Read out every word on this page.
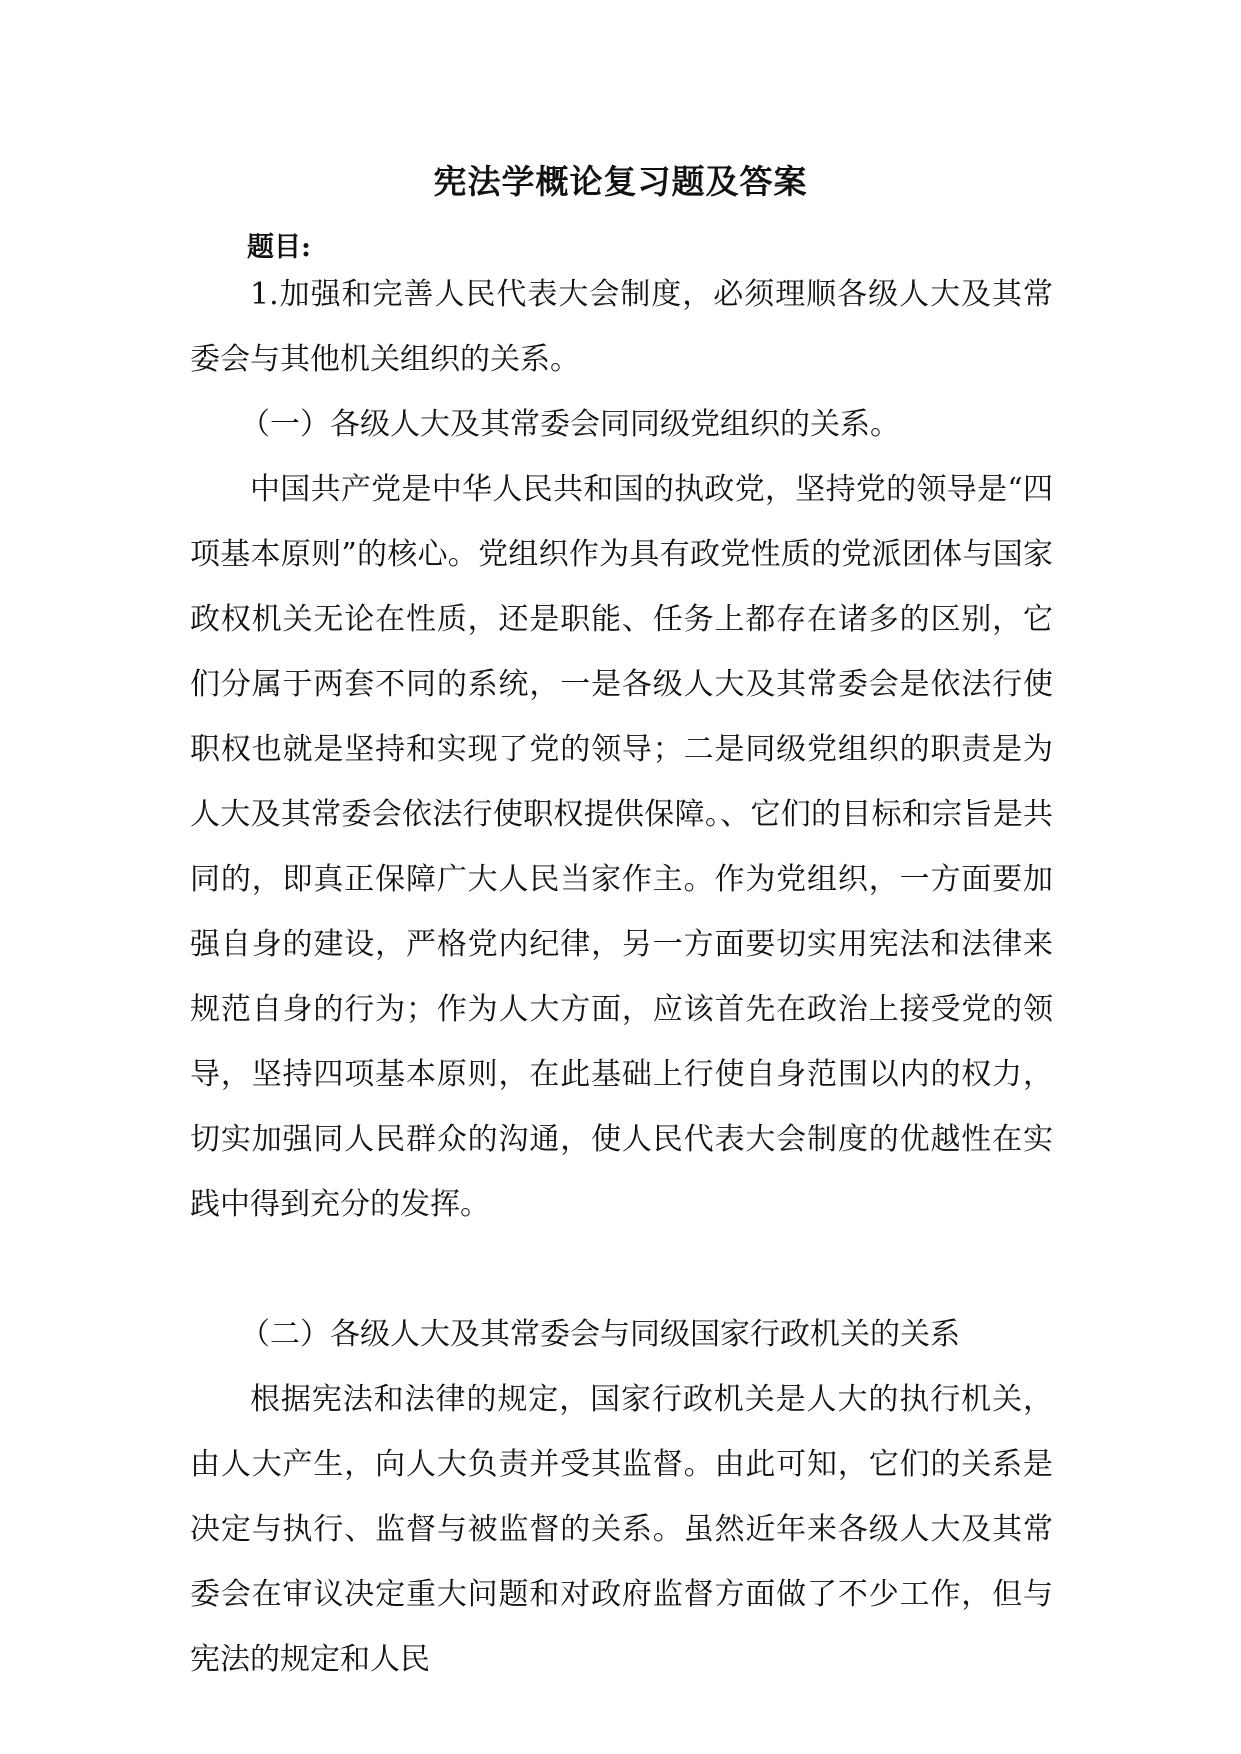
宪法学概论复习题及答案
题目:

1.加强和完善人民代表大会制度，必须理顺各级人大及其常委会与其他机关组织的关系。

（一）各级人大及其常委会同同级党组织的关系。

中国共产党是中华人民共和国的执政党，坚持党的领导是“四项基本原则”的核心。党组织作为具有政党性质的党派团体与国家政权机关无论在性质，还是职能、任务上都存在诸多的区别，它们分属于两套不同的系统，一是各级人大及其常委会是依法行使职权也就是坚持和实现了党的领导；二是同级党组织的职责是为人大及其常委会依法行使职权提供保障。、它们的目标和宗旨是共同的，即真正保障广大人民当家作主。作为党组织，一方面要加强自身的建设，严格党内纪律，另一方面要切实用宪法和法律来规范自身的行为；作为人大方面，应该首先在政治上接受党的领导，坚持四项基本原则，在此基础上行使自身范围以内的权力，切实加强同人民群众的沟通，使人民代表大会制度的优越性在实践中得到充分的发挥。

（二）各级人大及其常委会与同级国家行政机关的关系

根据宪法和法律的规定，国家行政机关是人大的执行机关，由人大产生，向人大负责并受其监督。由此可知，它们的关系是决定与执行、监督与被监督的关系。虽然近年来各级人大及其常委会在审议决定重大问题和对政府监督方面做了不少工作，但与宪法的规定和人民
